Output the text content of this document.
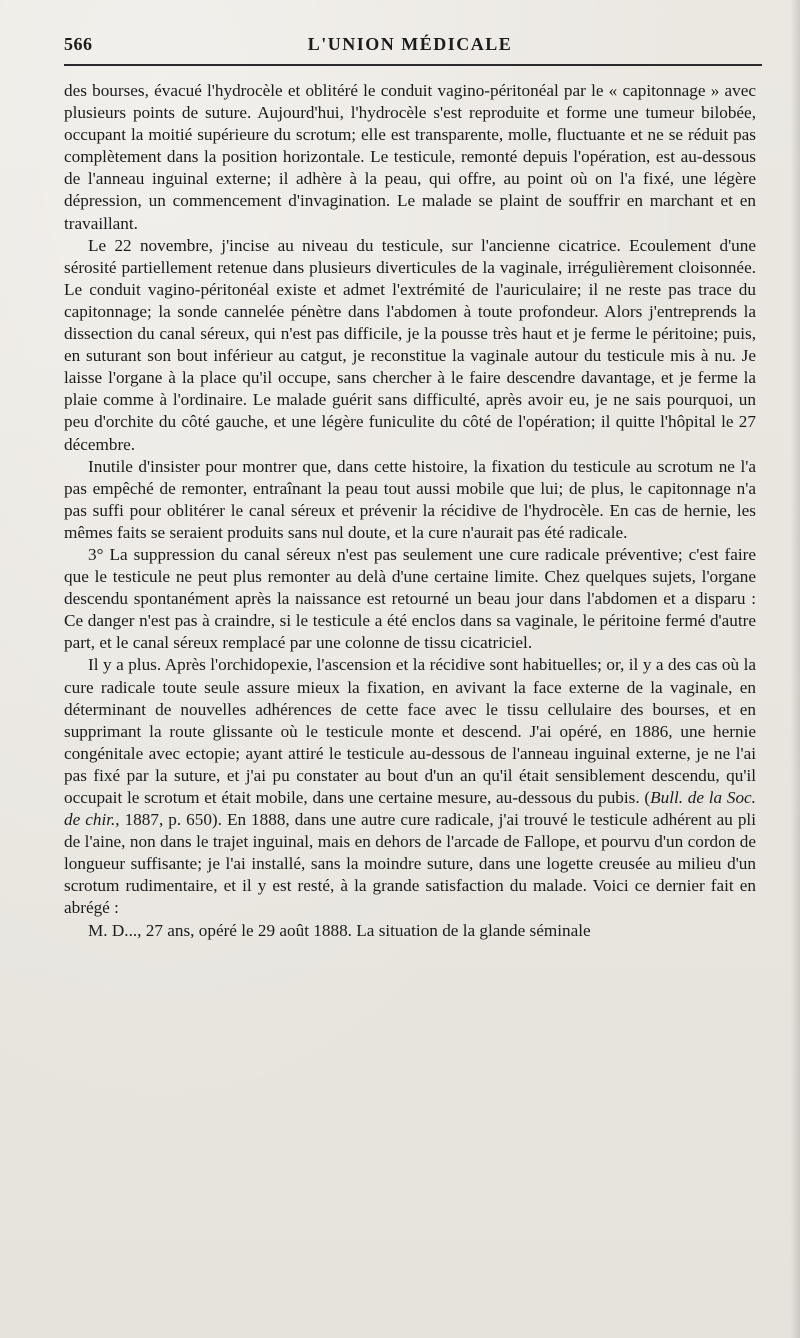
566	L'UNION MÉDICALE

des bourses, évacué l'hydrocèle et oblitéré le conduit vagino-péritonéal par le « capitonnage » avec plusieurs points de suture. Aujourd'hui, l'hydrocèle s'est reproduite et forme une tumeur bilobée, occupant la moitié supérieure du scrotum; elle est transparente, molle, fluctuante et ne se réduit pas complètement dans la position horizontale. Le testicule, remonté depuis l'opération, est au-dessous de l'anneau inguinal externe; il adhère à la peau, qui offre, au point où on l'a fixé, une légère dépression, un commencement d'invagination. Le malade se plaint de souffrir en marchant et en travaillant.

Le 22 novembre, j'incise au niveau du testicule, sur l'ancienne cicatrice. Ecoulement d'une sérosité partiellement retenue dans plusieurs diverticules de la vaginale, irrégulièrement cloisonnée. Le conduit vagino-péritonéal existe et admet l'extrémité de l'auriculaire; il ne reste pas trace du capitonnage; la sonde cannelée pénètre dans l'abdomen à toute profondeur. Alors j'entreprends la dissection du canal séreux, qui n'est pas difficile, je la pousse très haut et je ferme le péritoine; puis, en suturant son bout inférieur au catgut, je reconstitue la vaginale autour du testicule mis à nu. Je laisse l'organe à la place qu'il occupe, sans chercher à le faire descendre davantage, et je ferme la plaie comme à l'ordinaire. Le malade guérit sans difficulté, après avoir eu, je ne sais pourquoi, un peu d'orchite du côté gauche, et une légère funiculite du côté de l'opération; il quitte l'hôpital le 27 décembre.

Inutile d'insister pour montrer que, dans cette histoire, la fixation du testicule au scrotum ne l'a pas empêché de remonter, entraînant la peau tout aussi mobile que lui; de plus, le capitonnage n'a pas suffi pour oblitérer le canal séreux et prévenir la récidive de l'hydrocèle. En cas de hernie, les mêmes faits se seraient produits sans nul doute, et la cure n'aurait pas été radicale.

3° La suppression du canal séreux n'est pas seulement une cure radicale préventive; c'est faire que le testicule ne peut plus remonter au delà d'une certaine limite. Chez quelques sujets, l'organe descendu spontanément après la naissance est retourné un beau jour dans l'abdomen et a disparu : Ce danger n'est pas à craindre, si le testicule a été enclos dans sa vaginale, le péritoine fermé d'autre part, et le canal séreux remplacé par une colonne de tissu cicatriciel.

Il y a plus. Après l'orchidopexie, l'ascension et la récidive sont habituelles; or, il y a des cas où la cure radicale toute seule assure mieux la fixation, en avivant la face externe de la vaginale, en déterminant de nouvelles adhérences de cette face avec le tissu cellulaire des bourses, et en supprimant la route glissante où le testicule monte et descend. J'ai opéré, en 1886, une hernie congénitale avec ectopie; ayant attiré le testicule au-dessous de l'anneau inguinal externe, je ne l'ai pas fixé par la suture, et j'ai pu constater au bout d'un an qu'il était sensiblement descendu, qu'il occupait le scrotum et était mobile, dans une certaine mesure, au-dessous du pubis. (Bull. de la Soc. de chir., 1887, p. 650). En 1888, dans une autre cure radicale, j'ai trouvé le testicule adhérent au pli de l'aine, non dans le trajet inguinal, mais en dehors de l'arcade de Fallope, et pourvu d'un cordon de longueur suffisante; je l'ai installé, sans la moindre suture, dans une logette creusée au milieu d'un scrotum rudimentaire, et il y est resté, à la grande satisfaction du malade. Voici ce dernier fait en abrégé :

M. D..., 27 ans, opéré le 29 août 1888. La situation de la glande séminale
